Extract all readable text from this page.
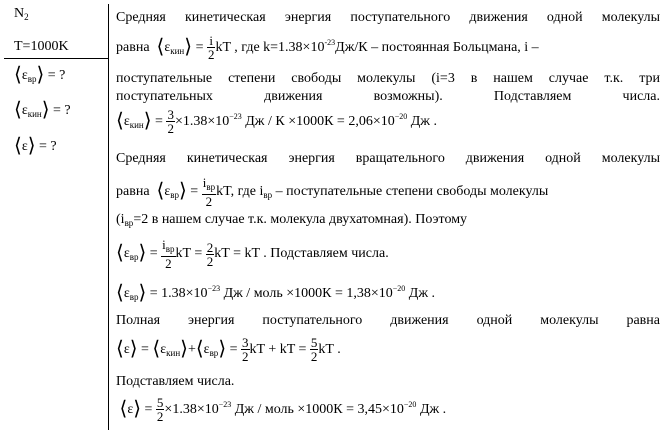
$N_2$
T=1000K
$⟨\varepsilon_{вр}⟩$ = ?
$⟨\varepsilon_{кин}⟩$ = ?
⟨ε⟩ = ?
Средняя кинетическая энергия поступательного движения одной молекулы
равна $⟨\varepsilon_{кин}⟩ = \frac{i}{2}$ kT , где $k=1.38\times 10^{-23}Дж/К$ – постоянная Больцмана, i –
поступательные степени свободы молекулы (i=3 в нашем случае т.к. три
поступательных движения возможны). Подставляем числа.
$⟨\varepsilon_{кин}⟩ = \frac{3}{2} \times 1.38\times 10^{-23}$ Дж / $К \times 1000К = 2,06\times 10^{-20}$ Дж .
Средняя кинетическая энергия вращательного движения одной молекулы
равна $⟨\varepsilon_{вр}⟩ = \frac{i_{вр}}{2}$ kT, где $i_{вр}$ – поступательные степени свободы молекулы
($i_{вр}=2$ в нашем случае т.к. молекула двухатомная). Поэтому
$⟨\varepsilon_{вр}⟩ = \frac{i_{вр}}{2}$ kT = $\frac{2}{2}$ kT = kT . Подставляем числа.
$⟨\varepsilon_{вр}⟩ = 1.38\times 10^{-23}$ Дж / моль $\times 1000К = 1,38\times 10^{-20}$ Дж .
Полная энергия поступательного движения одной молекулы равна
⟨ε⟩ = $⟨\varepsilon_{кин}⟩+⟨\varepsilon_{вр}⟩ = \frac{3}{2}$ kT + kT = $\frac{5}{2}$ kT .
Подставляем числа.
⟨ε⟩ = $\frac{5}{2} \times 1.38\times 10^{-23}$ Дж / моль $\times 1000К = 3,45\times 10^{-20}$ Дж .
